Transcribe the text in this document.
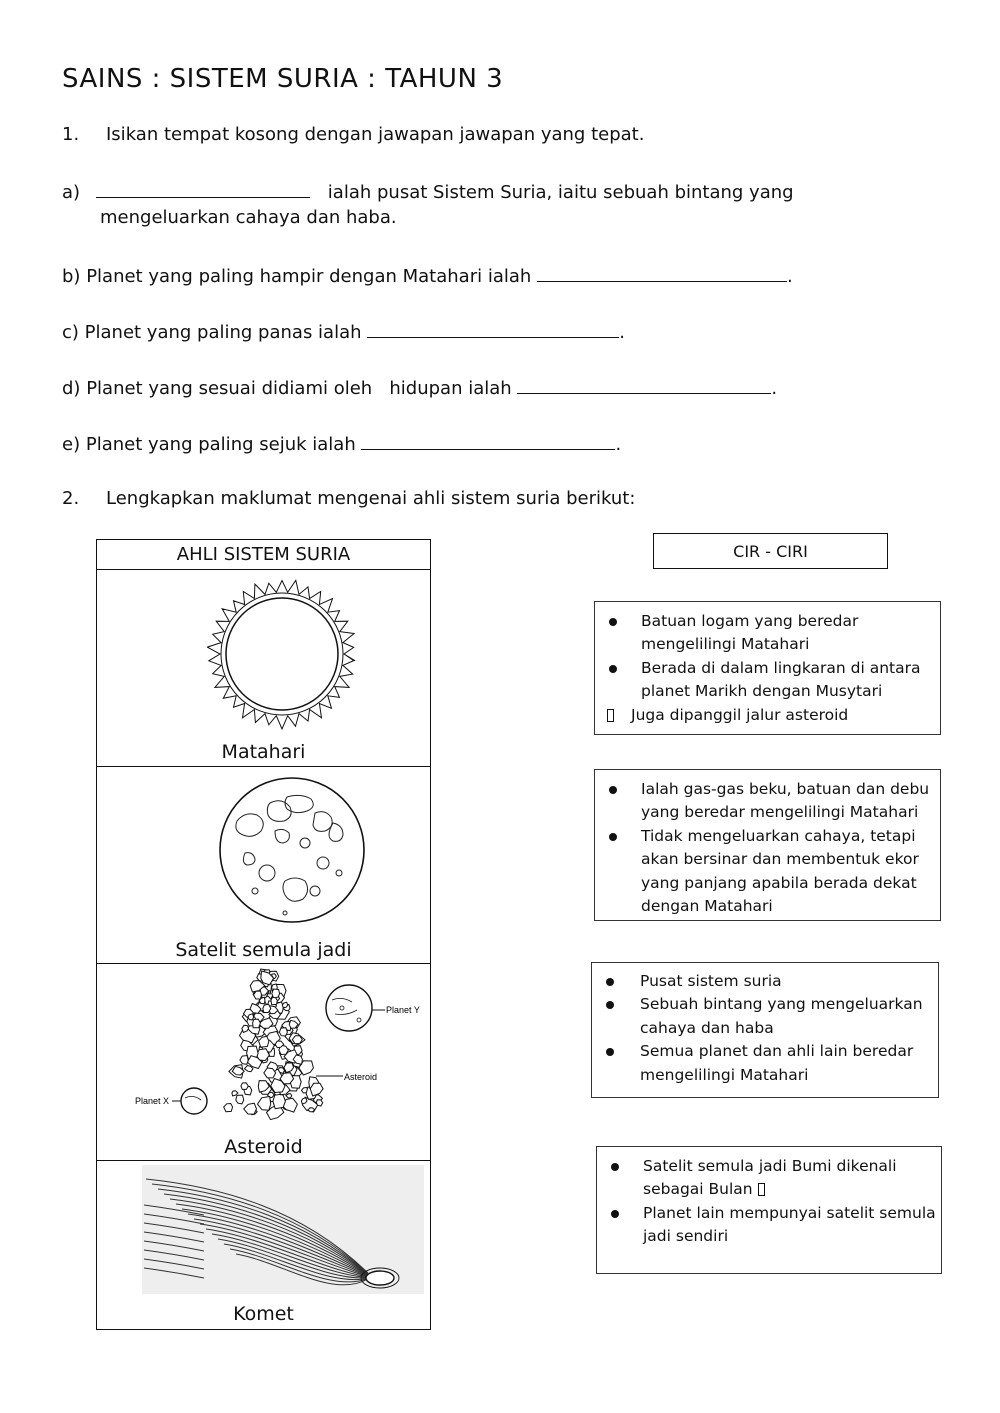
SAINS : SISTEM SURIA : TAHUN 3
1. Isikan tempat kosong dengan jawapan jawapan yang tepat.
a)	ialah pusat Sistem Suria, iaitu sebuah bintang yang
mengeluarkan cahaya dan haba.
b) Planet yang paling hampir dengan Matahari ialah	.
c) Planet yang paling panas ialah	.
d) Planet yang sesuai didiami oleh   hidupan ialah	.
e) Planet yang paling sejuk ialah	.
2. Lengkapkan maklumat mengenai ahli sistem suria berikut:
AHLI SISTEM SURIA
Matahari
Satelit semula jadi
Planet Y
Asteroid
Planet X
Asteroid
Komet
CIR - CIRI
Batuan logam yang beredar
mengelilingi Matahari
Berada di dalam lingkaran di antara
planet Marikh dengan Musytari
Juga dipanggil jalur asteroid
Ialah gas-gas beku, batuan dan debu
yang beredar mengelilingi Matahari
Tidak mengeluarkan cahaya, tetapi
akan bersinar dan membentuk ekor
yang panjang apabila berada dekat
dengan Matahari
Pusat sistem suria
Sebuah bintang yang mengeluarkan
cahaya dan haba
Semua planet dan ahli lain beredar
mengelilingi Matahari
Satelit semula jadi Bumi dikenali
sebagai Bulan
Planet lain mempunyai satelit semula
jadi sendiri
